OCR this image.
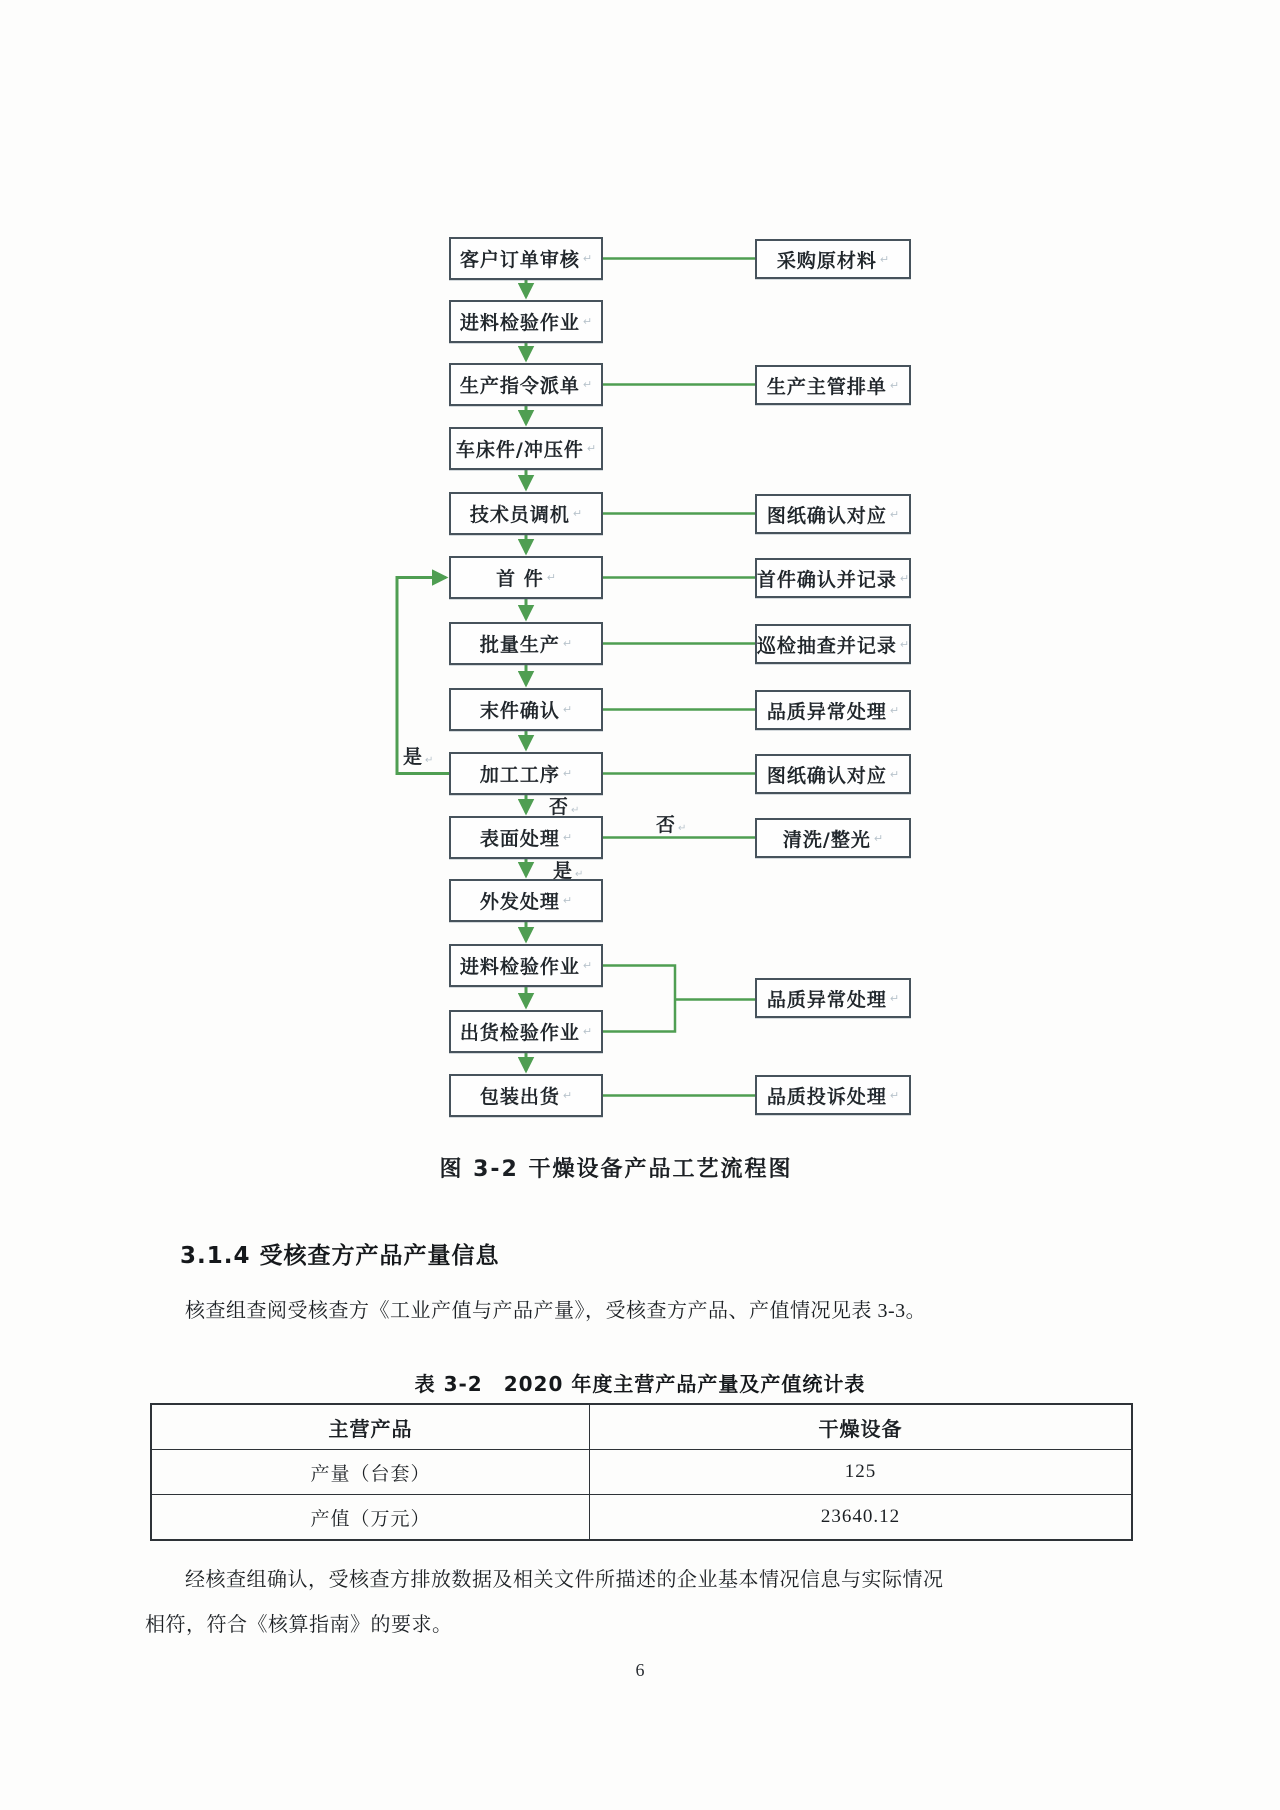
客户订单审核 ↵
进料检验作业 ↵
生产指令派单 ↵
车床件/冲压件 ↵
技术员调机 ↵
首 件 ↵
批量生产 ↵
末件确认 ↵
加工工序 ↵
表面处理 ↵
外发处理 ↵
进料检验作业 ↵
出货检验作业 ↵
包装出货 ↵
采购原材料 ↵
生产主管排单 ↵
图纸确认对应 ↵
首件确认并记录 ↵
巡检抽查并记录 ↵
品质异常处理 ↵
图纸确认对应 ↵
清洗/整光 ↵
品质异常处理 ↵
品质投诉处理 ↵
是 ↵
否 ↵
否 ↵
是 ↵
图 3-2 干燥设备产品工艺流程图
3.1.4 受核查方产品产量信息
核查组查阅受核查方《工业产值与产品产量》，受核查方产品、产值情况见表 3-3。
表 3-2　2020 年度主营产品产量及产值统计表
主营产品	干燥设备
产量（台套）	125
产值（万元）	23640.12
经核查组确认，受核查方排放数据及相关文件所描述的企业基本情况信息与实际情况
相符，符合《核算指南》的要求。
6
